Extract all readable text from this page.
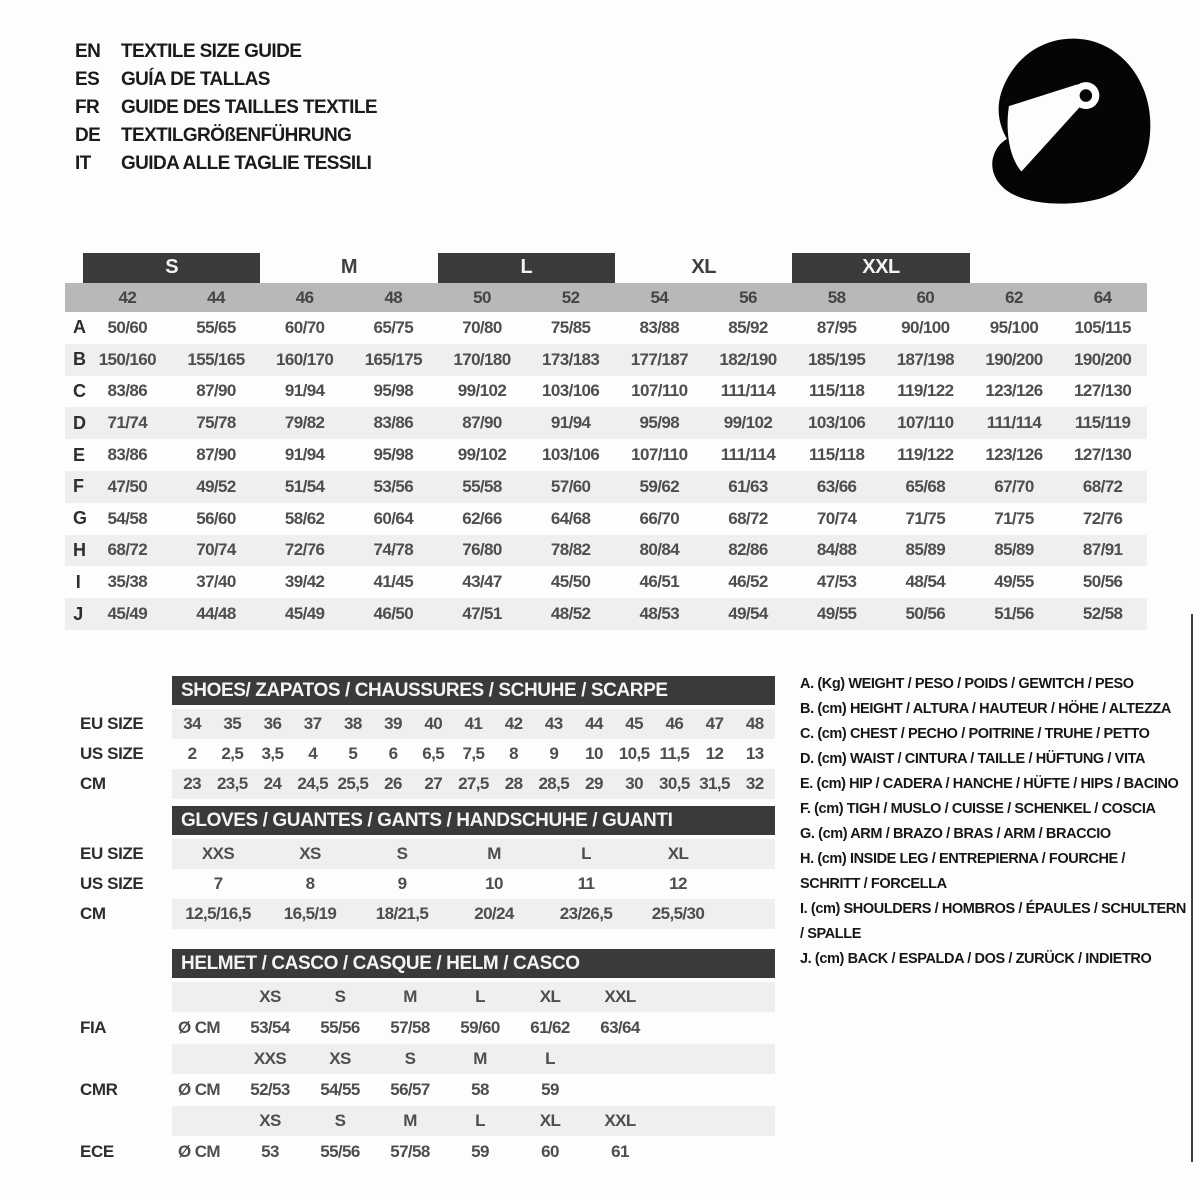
EN	TEXTILE SIZE GUIDE
ES	GUÍA DE TALLAS
FR	GUIDE DES TAILLES TEXTILE
DE	TEXTILGRÖßENFÜHRUNG
IT	GUIDA ALLE TAGLIE TESSILI
S	M	L	XL	XXL
42	44	46	48	50	52	54	56	58	60	62	64
A	50/60	55/65	60/70	65/75	70/80	75/85	83/88	85/92	87/95	90/100	95/100	105/115
B 150/160	155/165	160/170	165/175	170/180	173/183	177/187	182/190	185/195	187/198	190/200	190/200
C	83/86	87/90	91/94	95/98	99/102	103/106	107/110	111/114	115/118	119/122	123/126	127/130
D	71/74	75/78	79/82	83/86	87/90	91/94	95/98	99/102	103/106	107/110	111/114	115/119
E	83/86	87/90	91/94	95/98	99/102	103/106	107/110	111/114	115/118	119/122	123/126	127/130
F	47/50	49/52	51/54	53/56	55/58	57/60	59/62	61/63	63/66	65/68	67/70	68/72
G	54/58	56/60	58/62	60/64	62/66	64/68	66/70	68/72	70/74	71/75	71/75	72/76
H	68/72	70/74	72/76	74/78	76/80	78/82	80/84	82/86	84/88	85/89	85/89	87/91
I	35/38	37/40	39/42	41/45	43/47	45/50	46/51	46/52	47/53	48/54	49/55	50/56
J	45/49	44/48	45/49	46/50	47/51	48/52	48/53	49/54	49/55	50/56	51/56	52/58
SHOES/ ZAPATOS / CHAUSSURES / SCHUHE / SCARPE
EU SIZE	34	35	36	37	38	39	40	41	42	43	44	45	46	47	48
US SIZE	2	2,5	3,5	4	5	6	6,5	7,5	8	9	10 10,5 11,5 12	13
CM	23 23,5 24 24,5 25,5 26	27 27,5 28 28,5 29	30 30,5 31,5 32
GLOVES / GUANTES / GANTS / HANDSCHUHE / GUANTI
EU SIZE	XXS	XS	S	M	L	XL
US SIZE	7	8	9	10	11	12
CM	12,5/16,5	16,5/19	18/21,5	20/24	23/26,5	25,5/30
HELMET / CASCO / CASQUE / HELM / CASCO
XS	S	M	L	XL	XXL
FIA	Ø CM	53/54	55/56	57/58	59/60	61/62	63/64
XXS	XS	S	M	L
CMR	Ø CM	52/53	54/55	56/57	58	59
XS	S	M	L	XL	XXL
ECE	Ø CM	53	55/56	57/58	59	60	61
A. (Kg) WEIGHT / PESO / POIDS / GEWITCH / PESO
B. (cm) HEIGHT / ALTURA / HAUTEUR / HÖHE / ALTEZZA
C. (cm) CHEST / PECHO / POITRINE / TRUHE / PETTO
D. (cm) WAIST / CINTURA / TAILLE / HÜFTUNG / VITA
E. (cm) HIP / CADERA / HANCHE / HÜFTE / HIPS / BACINO
F. (cm) TIGH / MUSLO / CUISSE / SCHENKEL / COSCIA
G. (cm) ARM / BRAZO / BRAS / ARM / BRACCIO
H. (cm) INSIDE LEG / ENTREPIERNA / FOURCHE / SCHRITT / FORCELLA
I. (cm) SHOULDERS / HOMBROS / ÉPAULES / SCHULTERN / SPALLE
J. (cm) BACK / ESPALDA / DOS / ZURÜCK / INDIETRO
